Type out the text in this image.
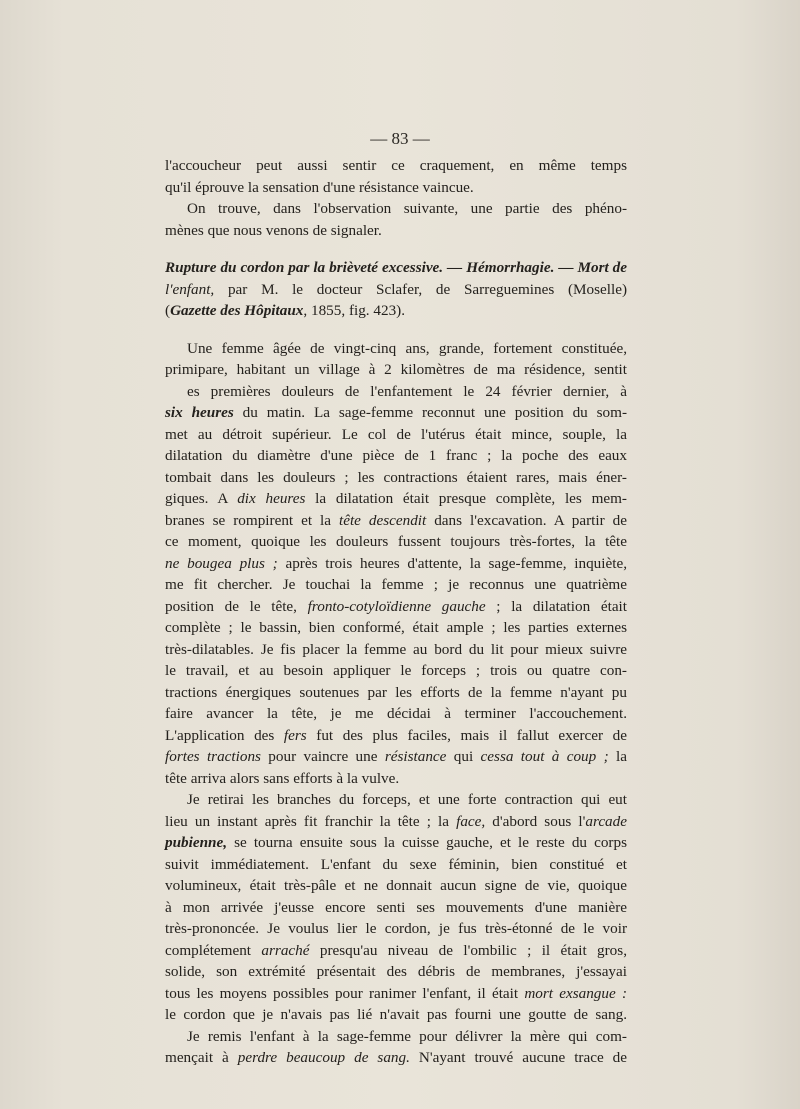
— 83 —
l'accoucheur peut aussi sentir ce craquement, en même temps
qu'il éprouve la sensation d'une résistance vaincue.
On trouve, dans l'observation suivante, une partie des phéno-
mènes que nous venons de signaler.
Rupture du cordon par la brièveté excessive. — Hémorrhagie. — Mort de
l'enfant, par M. le docteur Sclafer, de Sarreguemines (Moselle)
(Gazette des Hôpitaux, 1855, fig. 423).
Une femme âgée de vingt-cinq ans, grande, fortement constituée,
primipare, habitant un village à 2 kilomètres de ma résidence, sentit
es premières douleurs de l'enfantement le 24 février dernier, à
six heures du matin. La sage-femme reconnut une position du som-
met au détroit supérieur. Le col de l'utérus était mince, souple, la
dilatation du diamètre d'une pièce de 1 franc ; la poche des eaux
tombait dans les douleurs ; les contractions étaient rares, mais éner-
giques. A dix heures la dilatation était presque complète, les mem-
branes se rompirent et la tête descendit dans l'excavation. A partir de
ce moment, quoique les douleurs fussent toujours très-fortes, la tête
ne bougea plus ; après trois heures d'attente, la sage-femme, inquiète,
me fit chercher. Je touchai la femme ; je reconnus une quatrième
position de le tête, fronto-cotyloïdienne gauche ; la dilatation était
complète ; le bassin, bien conformé, était ample ; les parties externes
très-dilatables. Je fis placer la femme au bord du lit pour mieux suivre
le travail, et au besoin appliquer le forceps ; trois ou quatre con-
tractions énergiques soutenues par les efforts de la femme n'ayant pu
faire avancer la tête, je me décidai à terminer l'accouchement.
L'application des fers fut des plus faciles, mais il fallut exercer de
fortes tractions pour vaincre une résistance qui cessa tout à coup ; la
tête arriva alors sans efforts à la vulve.
Je retirai les branches du forceps, et une forte contraction qui eut
lieu un instant après fit franchir la tête ; la face, d'abord sous l'arcade
pubienne, se tourna ensuite sous la cuisse gauche, et le reste du corps
suivit immédiatement. L'enfant du sexe féminin, bien constitué et
volumineux, était très-pâle et ne donnait aucun signe de vie, quoique
à mon arrivée j'eusse encore senti ses mouvements d'une manière
très-prononcée. Je voulus lier le cordon, je fus très-étonné de le voir
complétement arraché presqu'au niveau de l'ombilic ; il était gros,
solide, son extrémité présentait des débris de membranes, j'essayai
tous les moyens possibles pour ranimer l'enfant, il était mort exsangue :
le cordon que je n'avais pas lié n'avait pas fourni une goutte de sang.
Je remis l'enfant à la sage-femme pour délivrer la mère qui com-
mençait à perdre beaucoup de sang. N'ayant trouvé aucune trace de
